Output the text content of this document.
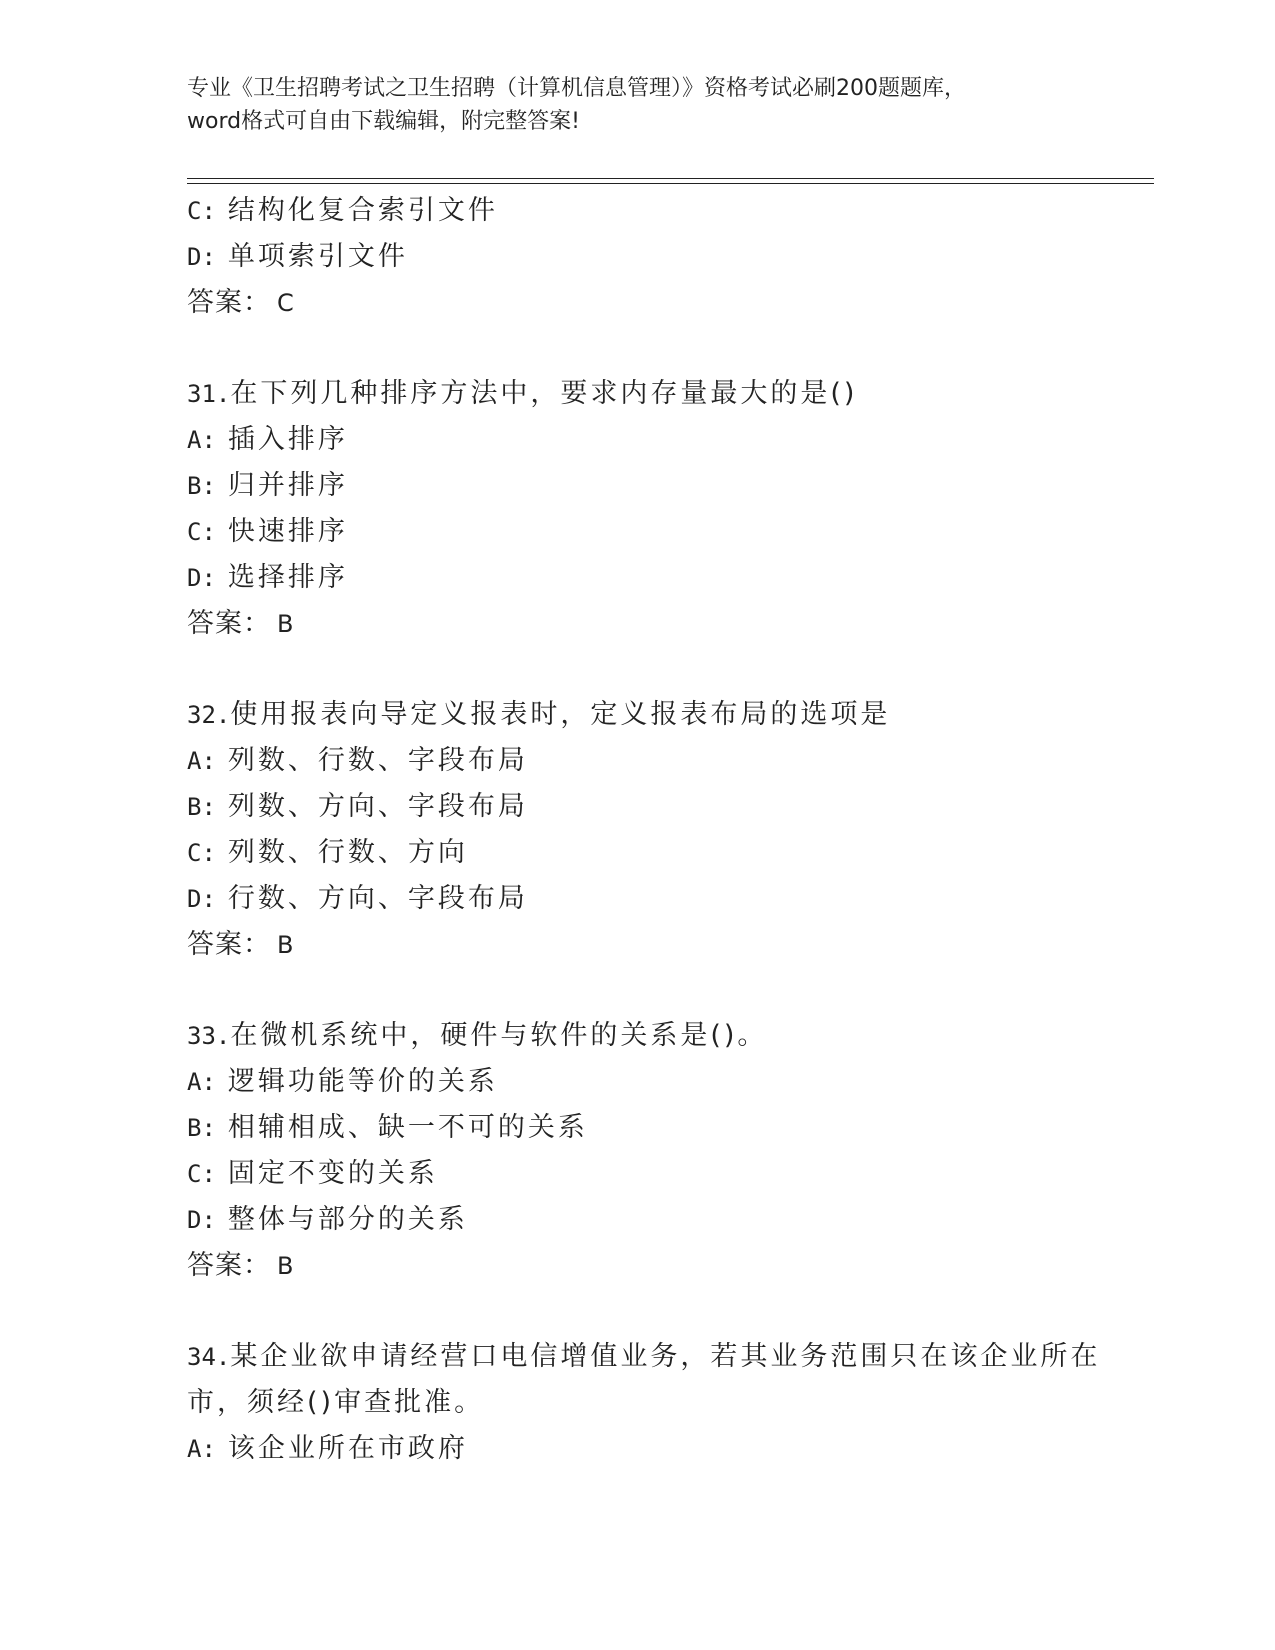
专业《卫生招聘考试之卫生招聘（计算机信息管理）》资格考试必刷200题题库，
word格式可自由下载编辑，附完整答案!
C: 结构化复合索引文件
D: 单项索引文件
答案： C
31. 在下列几种排序方法中，要求内存量最大的是()
A: 插入排序
B: 归并排序
C: 快速排序
D: 选择排序
答案： B
32. 使用报表向导定义报表时，定义报表布局的选项是
A: 列数、行数、字段布局
B: 列数、方向、字段布局
C: 列数、行数、方向
D: 行数、方向、字段布局
答案： B
33. 在微机系统中，硬件与软件的关系是()。
A: 逻辑功能等价的关系
B: 相辅相成、缺一不可的关系
C: 固定不变的关系
D: 整体与部分的关系
答案： B
34. 某企业欲申请经营口电信增值业务，若其业务范围只在该企业所在
市，须经()审查批准。
A: 该企业所在市政府
